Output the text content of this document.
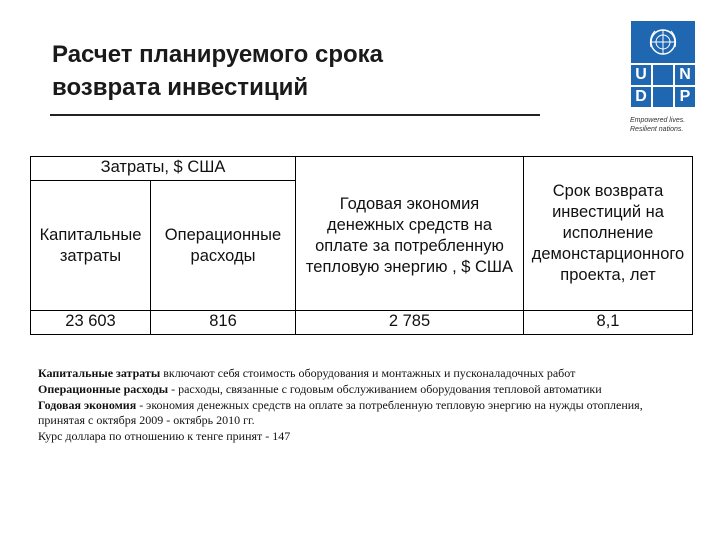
Расчет планируемого срока
возврата инвестиций	U	N
D	P
Empowered lives.
Resilient nations.
Затраты, $ США		Годовая экономия денежных средств на оплате за потребленную тепловую энергию , $ США	Срок возврата инвестиций на исполнение демонстарционного проекта, лет
Капитальные затраты	Операционные расходы		
23 603	816	2 785	8,1

Капитальные затраты включают себя стоимость оборудования и монтажных и пусконаладочных работ

Операционные расходы - расходы, связанные с годовым обслуживанием оборудования тепловой автоматики

Годовая экономия - экономия денежных средств на оплате за потребленную тепловую энергию на нужды отопления, принятая с октября 2009 - октябрь 2010 гг.

Курс доллара по отношению к тенге принят - 147
